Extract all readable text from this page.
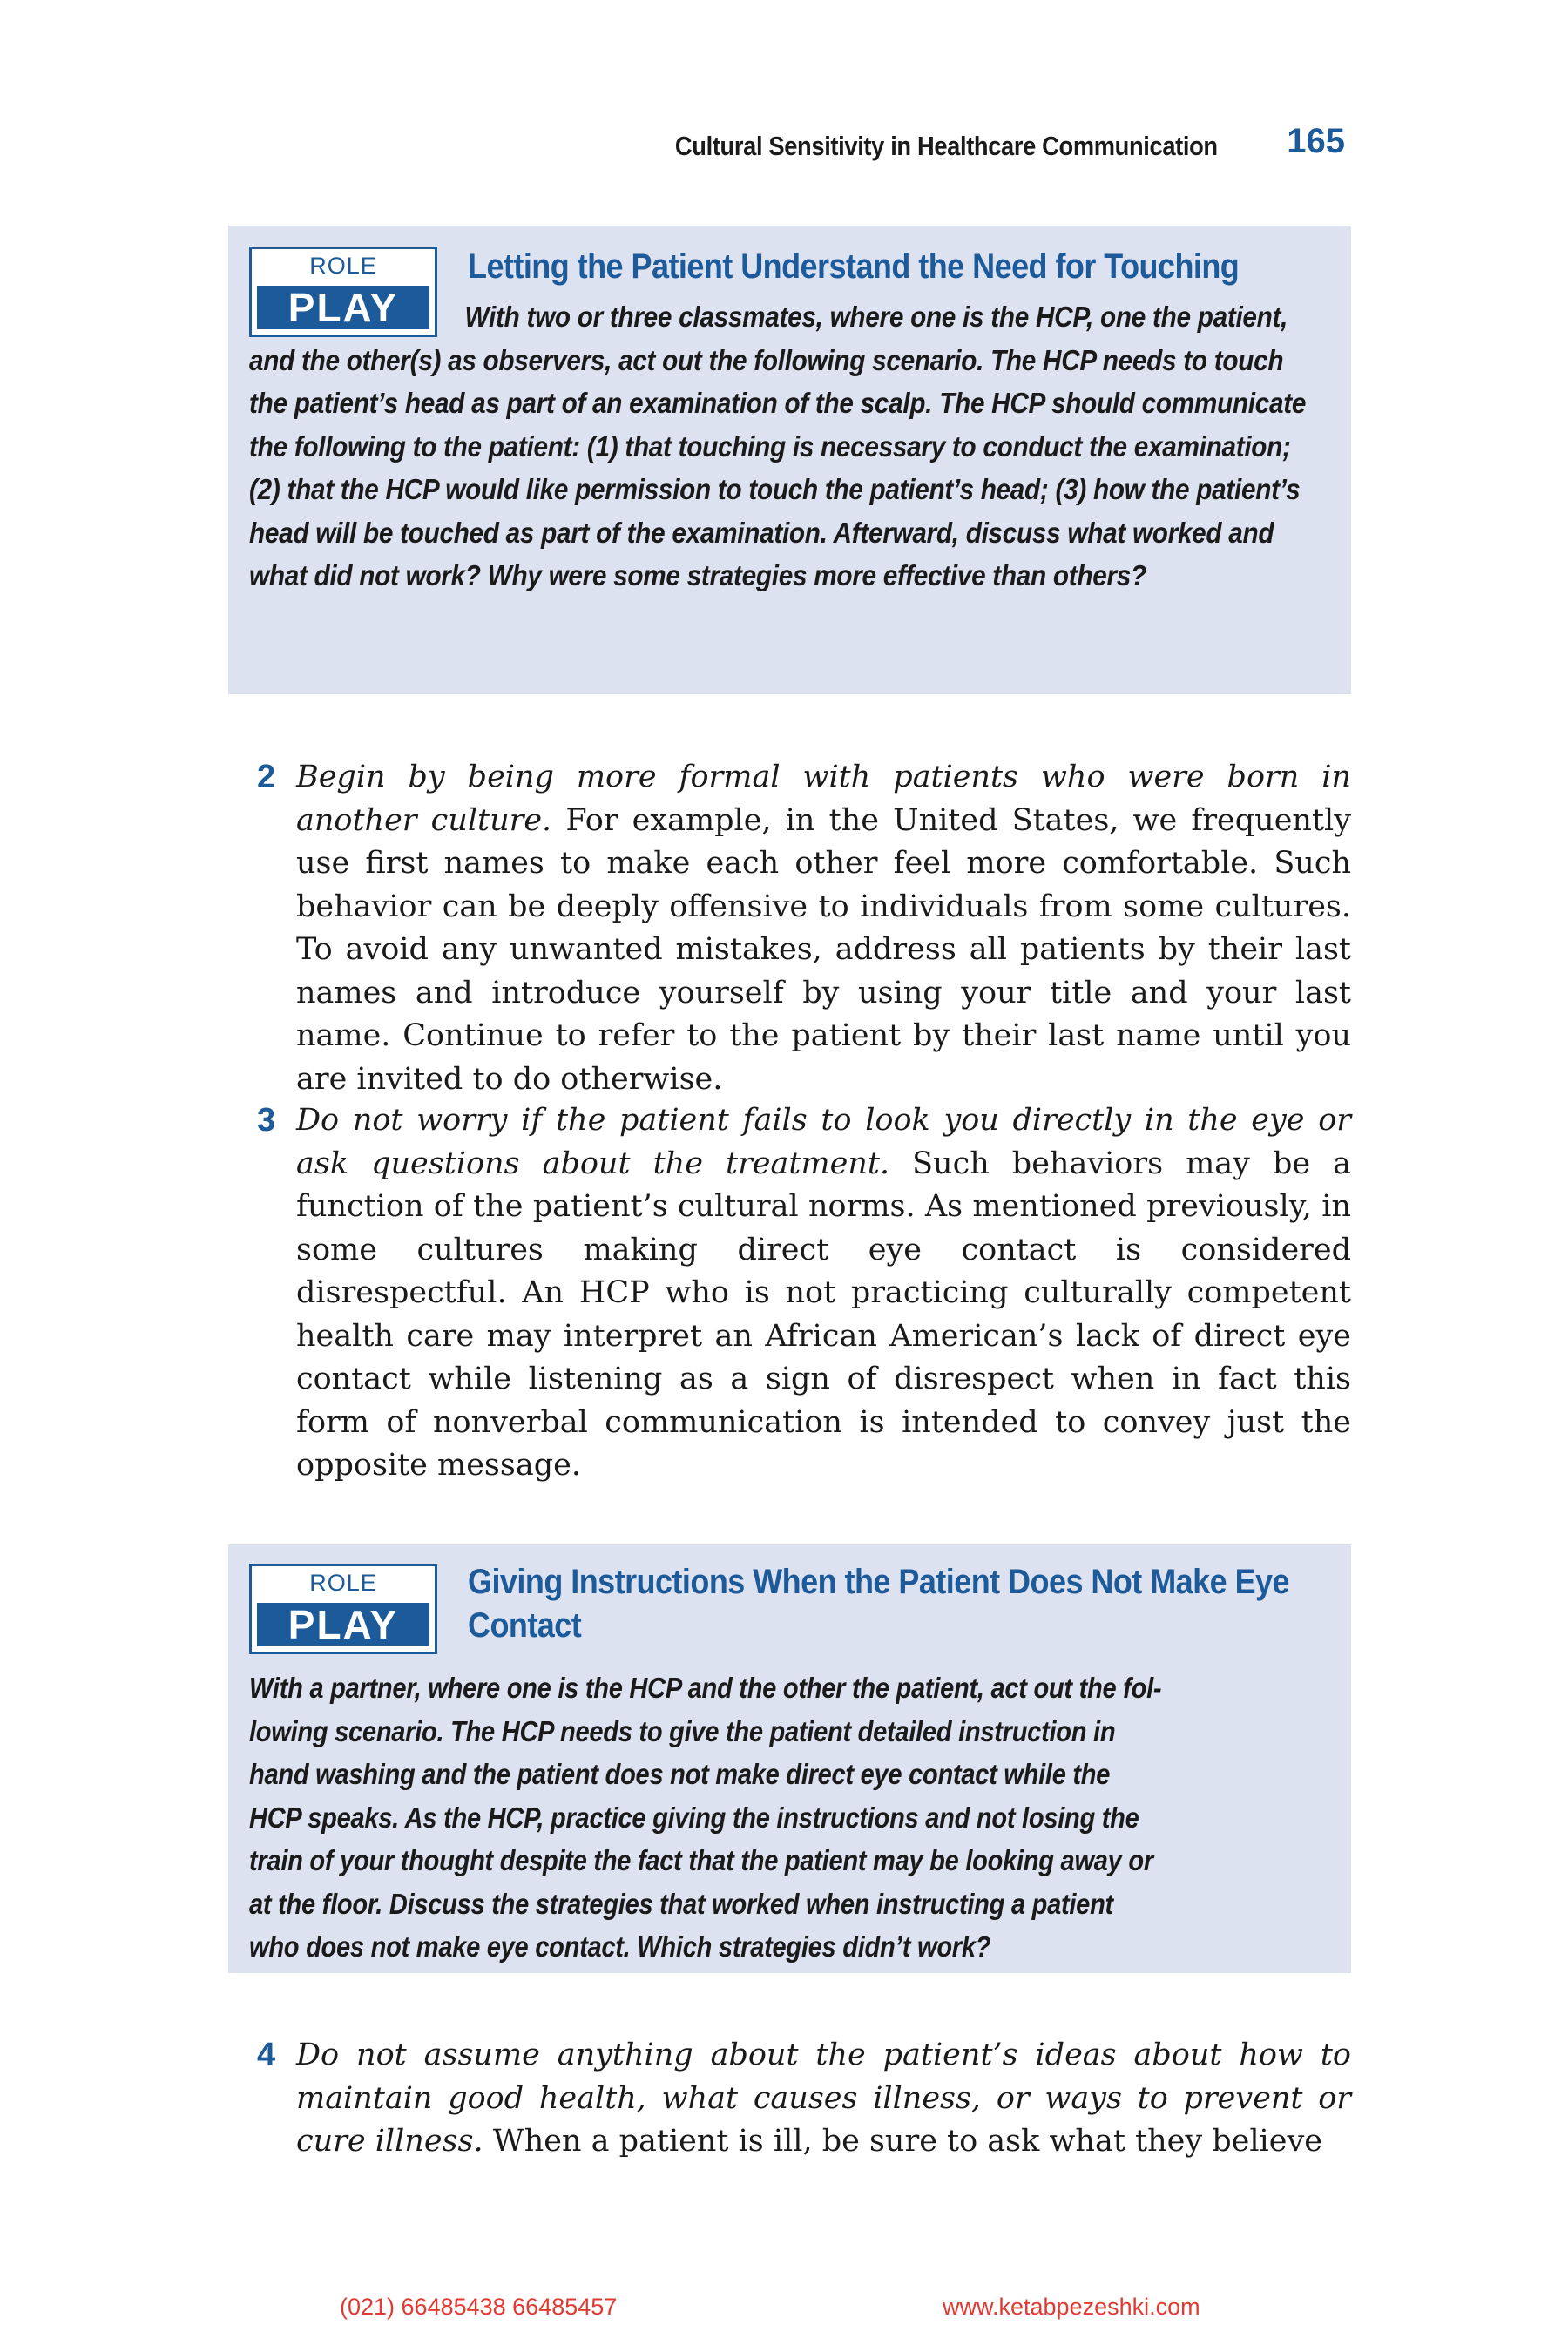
Cultural Sensitivity in Healthcare Communication 165
ROLE
PLAY
Letting the Patient Understand the Need for Touching
With two or three classmates, where one is the HCP, one the patient, and the other(s) as observers, act out the following scenario. The HCP needs to touch the patient’s head as part of an examination of the scalp. The HCP should communicate the following to the patient: (1) that touching is necessary to conduct the examination; (2) that the HCP would like permission to touch the patient’s head; (3) how the patient’s head will be touched as part of the examination. Afterward, discuss what worked and what did not work? Why were some strategies more effective than others?
2 Begin by being more formal with patients who were born in another culture. For example, in the United States, we frequently use first names to make each other feel more comfortable. Such behavior can be deeply offensive to individuals from some cultures. To avoid any unwanted mistakes, address all patients by their last names and introduce yourself by using your title and your last name. Continue to refer to the patient by their last name until you are invited to do otherwise.
3 Do not worry if the patient fails to look you directly in the eye or ask questions about the treatment. Such behaviors may be a function of the patient’s cultural norms. As mentioned previously, in some cultures making direct eye contact is considered disrespectful. An HCP who is not practicing culturally competent health care may interpret an African American’s lack of direct eye contact while listening as a sign of disrespect when in fact this form of nonverbal communication is intended to convey just the opposite message.
ROLE
PLAY
Giving Instructions When the Patient Does Not Make Eye Contact
With a partner, where one is the HCP and the other the patient, act out the fol-
lowing scenario. The HCP needs to give the patient detailed instruction in
hand washing and the patient does not make direct eye contact while the
HCP speaks. As the HCP, practice giving the instructions and not losing the
train of your thought despite the fact that the patient may be looking away or
at the floor. Discuss the strategies that worked when instructing a patient
who does not make eye contact. Which strategies didn’t work?
4 Do not assume anything about the patient’s ideas about how to maintain good health, what causes illness, or ways to prevent or cure illness. When a patient is ill, be sure to ask what they believe
(021) 66485438 66485457	www.ketabpezeshki.com
